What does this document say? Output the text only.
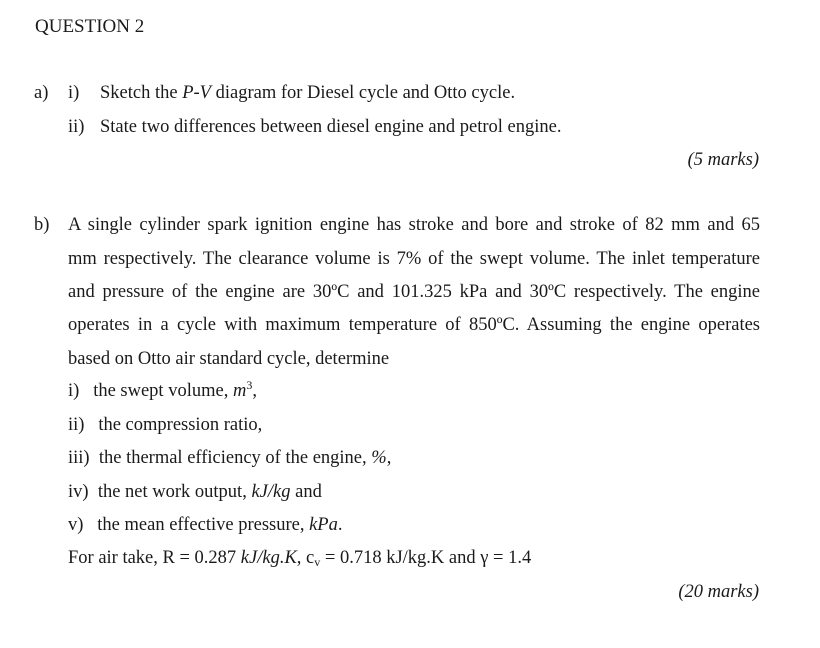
QUESTION 2
a) i) Sketch the P-V diagram for Diesel cycle and Otto cycle.
ii) State two differences between diesel engine and petrol engine.
(5 marks)
b) A single cylinder spark ignition engine has stroke and bore and stroke of 82 mm and 65
mm respectively. The clearance volume is 7% of the swept volume. The inlet temperature
and pressure of the engine are 30ºC and 101.325 kPa and 30ºC respectively. The engine
operates in a cycle with maximum temperature of 850ºC. Assuming the engine operates
based on Otto air standard cycle, determine
i) the swept volume, $m^3$,
ii) the compression ratio,
iii) the thermal efficiency of the engine, %,
iv) the net work output, kJ/kg and
v) the mean effective pressure, kPa.
For air take, R = 0.287 kJ/kg.K, $c_v = 0.718$ kJ/kg.K and γ = 1.4
(20 marks)
